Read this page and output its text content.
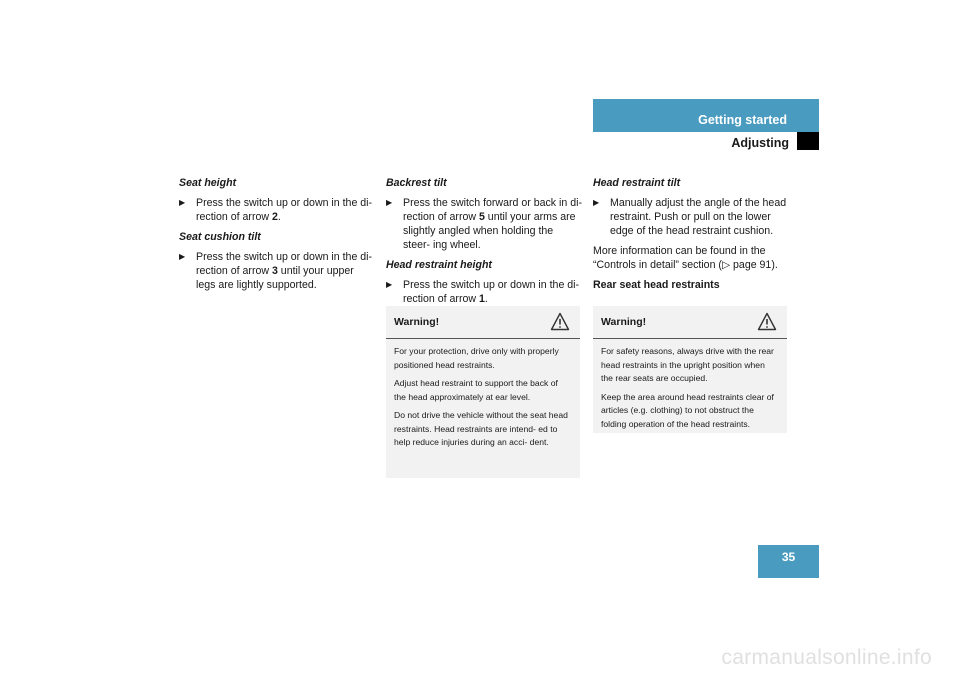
Getting started
Adjusting
Seat height
▶ Press the switch up or down in the di- rection of arrow 2.
Seat cushion tilt
▶ Press the switch up or down in the di- rection of arrow 3 until your upper legs are lightly supported.
Backrest tilt
▶ Press the switch forward or back in di- rection of arrow 5 until your arms are slightly angled when holding the steer- ing wheel.
Head restraint height
▶ Press the switch up or down in the di- rection of arrow 1.
Warning!

For your protection, drive only with properly positioned head restraints.

Adjust head restraint to support the back of the head approximately at ear level.

Do not drive the vehicle without the seat head restraints. Head restraints are intend- ed to help reduce injuries during an acci- dent.

Head restraint tilt
▶ Manually adjust the angle of the head restraint. Push or pull on the lower edge of the head restraint cushion.
More information can be found in the “Controls in detail” section (▷ page 91).
Rear seat head restraints
Warning!

For safety reasons, always drive with the rear head restraints in the upright position when the rear seats are occupied.

Keep the area around head restraints clear of articles (e.g. clothing) to not obstruct the folding operation of the head restraints.

35
carmanualsonline.info
